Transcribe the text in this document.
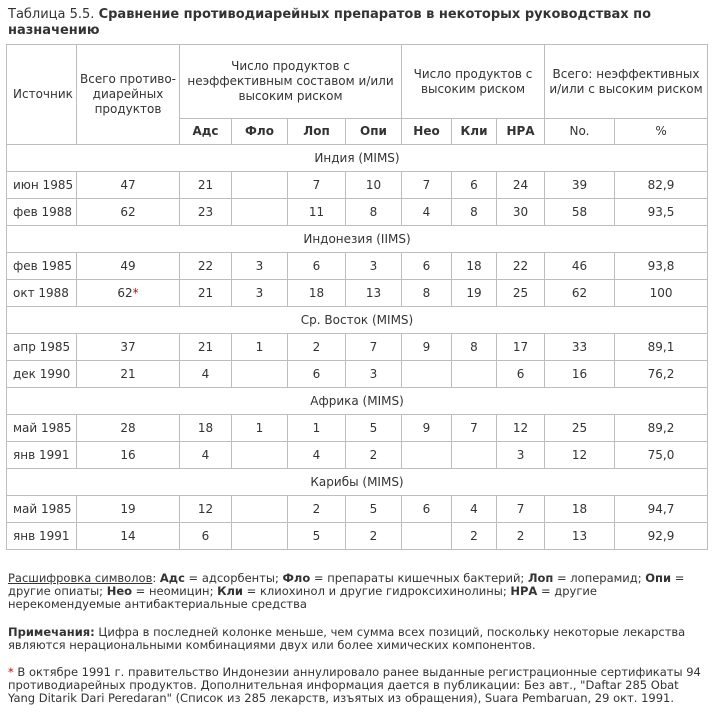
Таблица 5.5. Сравнение противодиарейных препаратов в некоторых руководствах по назначению
Источник	Всего противо-диарейных продуктов	Число продуктов с неэффективным составом и/или высоким риском				Число продуктов с высоким риском			Всего: неэффективных и/или с высоким риском	
		Адс	Фло	Лоп	Опи	Нео	Кли	НРА	No.	%
Индия (MIMS)										
июн 1985	47	21		7	10	7	6	24	39	82,9
фев 1988	62	23		11	8	4	8	30	58	93,5
Индонезия (IIMS)										
фев 1985	49	22	3	6	3	6	18	22	46	93,8
окт 1988	62*	21	3	18	13	8	19	25	62	100
Ср. Восток (MIMS)										
апр 1985	37	21	1	2	7	9	8	17	33	89,1
дек 1990	21	4		6	3			6	16	76,2
Африка (MIMS)										
май 1985	28	18	1	1	5	9	7	12	25	89,2
янв 1991	16	4		4	2			3	12	75,0
Карибы (MIMS)										
май 1985	19	12		2	5	6	4	7	18	94,7
янв 1991	14	6		5	2		2	2	13	92,9
Расшифровка символов: Адс = адсорбенты; Фло = препараты кишечных бактерий; Лоп = лоперамид; Опи = другие опиаты; Нео = неомицин; Кли = клиохинол и другие гидроксихинолины; НРА = другие нерекомендуемые антибактериальные средства
Примечания: Цифра в последней колонке меньше, чем сумма всех позиций, поскольку некоторые лекарства являются нерациональными комбинациями двух или более химических компонентов.
* В октябре 1991 г. правительство Индонезии аннулировало ранее выданные регистрационные сертификаты 94 противодиарейных продуктов. Дополнительная информация дается в публикации: Без авт., "Daftar 285 Obat Yang Ditarik Dari Peredaran" (Список из 285 лекарств, изъятых из обращения), Suara Pembaruan, 29 окт. 1991.
